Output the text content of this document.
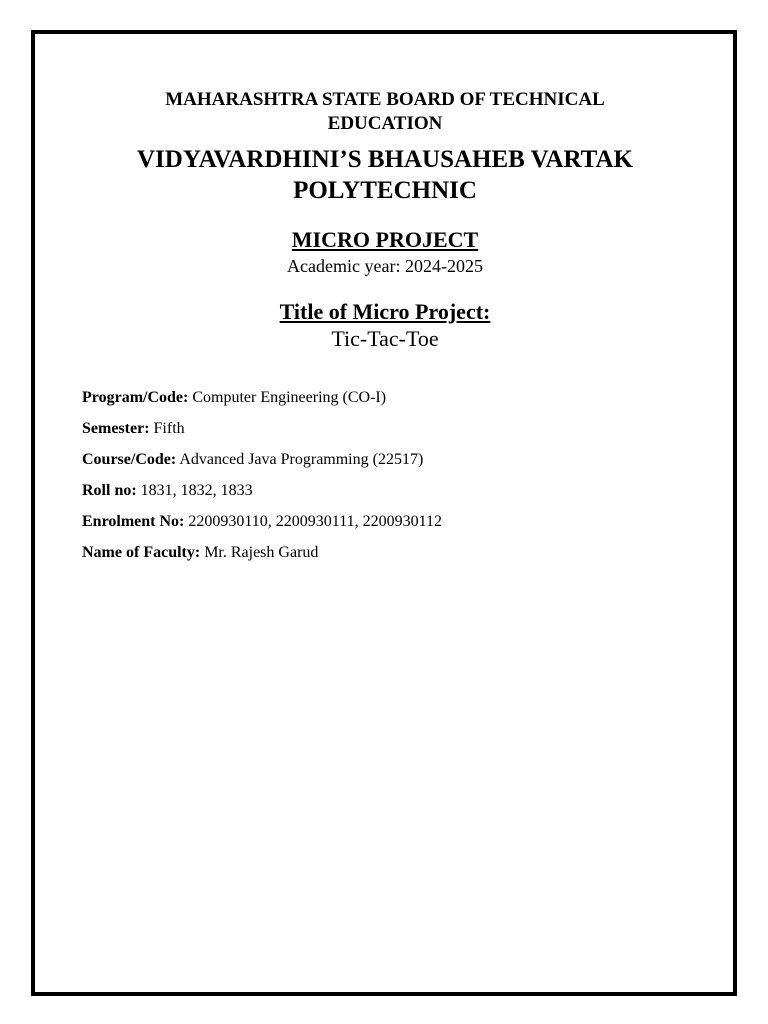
MAHARASHTRA STATE BOARD OF TECHNICAL
EDUCATION
VIDYAVARDHINI’S BHAUSAHEB VARTAK
POLYTECHNIC
MICRO PROJECT
Academic year: 2024-2025
Title of Micro Project:
Tic-Tac-Toe
Program/Code: Computer Engineering (CO-I)
Semester: Fifth
Course/Code: Advanced Java Programming (22517)
Roll no: 1831, 1832, 1833
Enrolment No: 2200930110, 2200930111, 2200930112
Name of Faculty: Mr. Rajesh Garud
